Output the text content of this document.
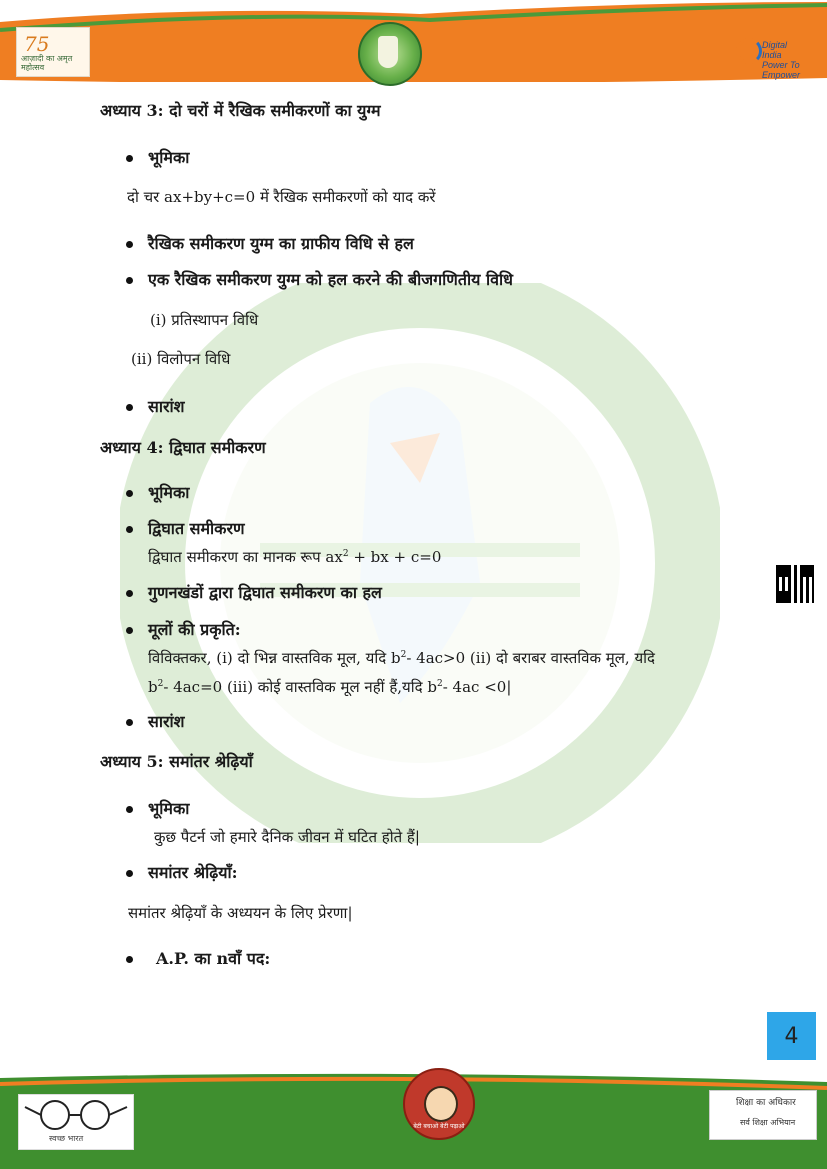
75
आज़ादी का अमृत महोत्सव
Digital India Power To Empower
अध्याय 3: दो चरों में रैखिक समीकरणों का युग्म
भूमिका
दो चर ax+by+c=0 में रैखिक समीकरणों को याद करें
रैखिक समीकरण युग्म का ग्राफीय विधि से हल
एक रैखिक समीकरण युग्म को हल करने की बीजगणितीय विधि
(i) प्रतिस्थापन विधि
(ii) विलोपन विधि
सारांश
अध्याय 4: द्विघात समीकरण
भूमिका
द्विघात समीकरण
द्विघात समीकरण का मानक रूप $ax^2$ + bx + c=0
गुणनखंडों द्वारा द्विघात समीकरण का हल
मूलों की प्रकृति:
विविक्तकर, (i) दो भिन्न वास्तविक मूल, यदि $b^2-$ 4ac>0 (ii) दो बराबर वास्तविक मूल, यदि
$b^2-$ 4ac=0 (iii) कोई वास्तविक मूल नहीं हैं,यदि $b^2-$ 4ac <0|
सारांश
अध्याय 5: समांतर श्रेढ़ियाँ
भूमिका
कुछ पैटर्न जो हमारे दैनिक जीवन में घटित होते हैं|
समांतर श्रेढ़ियाँ:
समांतर श्रेढ़ियाँ के अध्ययन के लिए प्रेरणा|
A.P. का nवाँ पद:
4
स्वच्छ भारत
बेटी बचाओ बेटी पढ़ाओ
शिक्षा का अधिकार
सर्व शिक्षा अभियान
